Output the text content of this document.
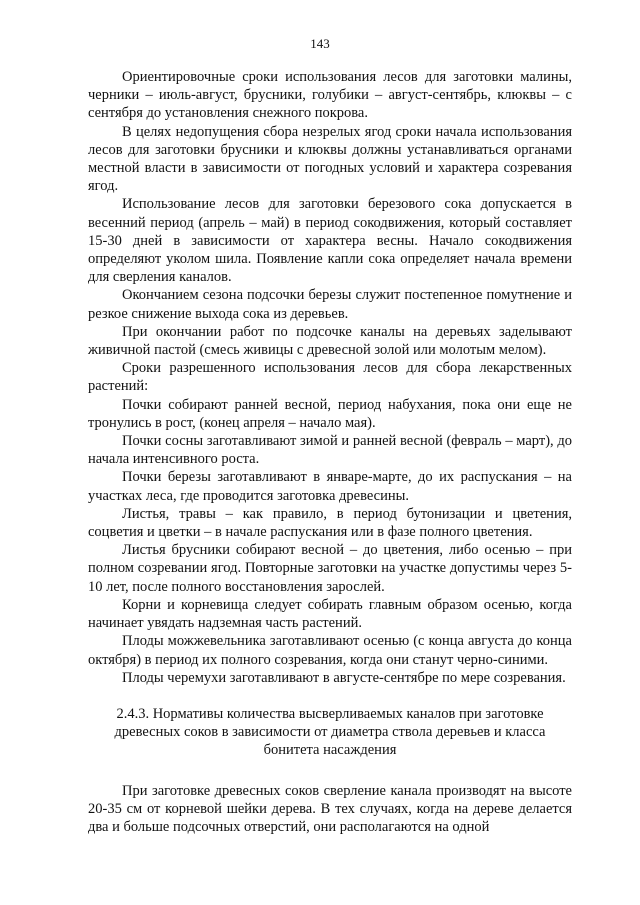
143

Ориентировочные сроки использования лесов для заготовки малины, черники – июль-август, брусники, голубики – август-сентябрь, клюквы – с сентября до установления снежного покрова.

В целях недопущения сбора незрелых ягод сроки начала использования лесов для заготовки брусники и клюквы должны устанавливаться органами местной власти в зависимости от погодных условий и характера созревания ягод.

Использование лесов для заготовки березового сока допускается в весенний период (апрель – май) в период сокодвижения, который составляет 15-30 дней в зависимости от характера весны. Начало сокодвижения определяют уколом шила. Появление капли сока определяет начала времени для сверления каналов.

Окончанием сезона подсочки березы служит постепенное помутнение и резкое снижение выхода сока из деревьев.

При окончании работ по подсочке каналы на деревьях заделывают живичной пастой (смесь живицы с древесной золой или молотым мелом).

Сроки разрешенного использования лесов для сбора лекарственных растений:

Почки собирают ранней весной, период набухания, пока они еще не тронулись в рост, (конец апреля – начало мая).

Почки сосны заготавливают зимой и ранней весной (февраль – март), до начала интенсивного роста.

Почки березы заготавливают в январе-марте, до их распускания – на участках леса, где проводится заготовка древесины.

Листья, травы – как правило, в период бутонизации и цветения, соцветия и цветки – в начале распускания или в фазе полного цветения.

Листья брусники собирают весной – до цветения, либо осенью – при полном созревании ягод. Повторные заготовки на участке допустимы через 5-10 лет, после полного восстановления зарослей.

Корни и корневища следует собирать главным образом осенью, когда начинает увядать надземная часть растений.

Плоды можжевельника заготавливают осенью (с конца августа до конца октября) в период их полного созревания, когда они станут черно-синими.

Плоды черемухи заготавливают в августе-сентябре по мере созревания.

2.4.3. Нормативы количества высверливаемых каналов при заготовке древесных соков в зависимости от диаметра ствола деревьев и класса бонитета насаждения

При заготовке древесных соков сверление канала производят на высоте 20-35 см от корневой шейки дерева. В тех случаях, когда на дереве делается два и больше подсочных отверстий, они располагаются на одной
